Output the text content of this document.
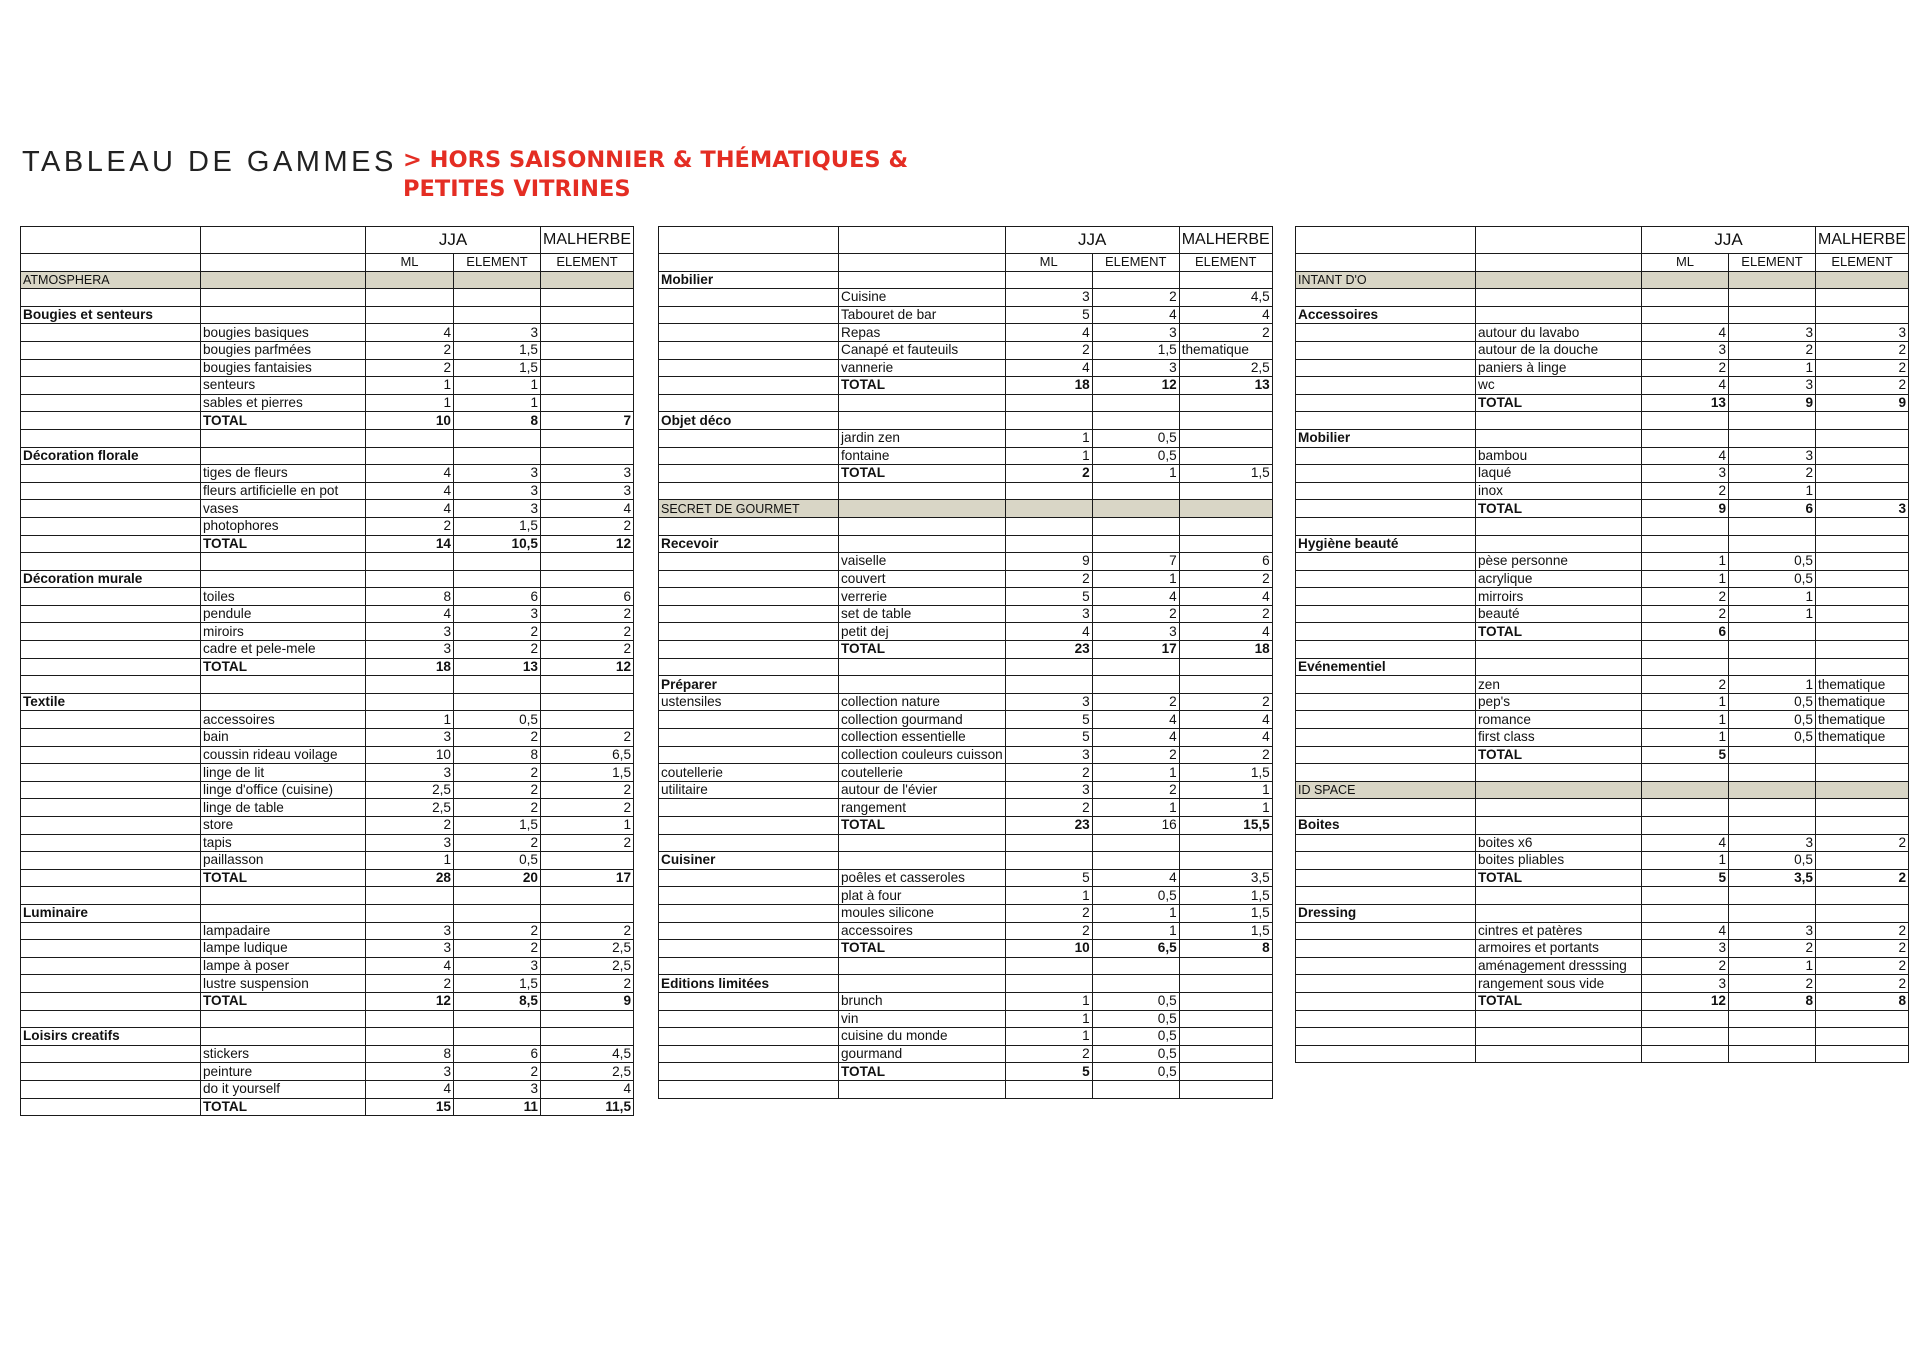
TABLEAU DE GAMMES > HORS SAISONNIER & THÉMATIQUES &
PETITES VITRINES
		JJA		MALHERBE
		ML	ELEMENT	ELEMENT
ATMOSPHERA				

Bougies et senteurs				
	bougies basiques	4	3	
	bougies parfmées	2	1,5	
	bougies fantaisies	2	1,5	
	senteurs	1	1	
	sables et pierres	1	1	
	TOTAL	10	8	7

Décoration florale				
	tiges de fleurs	4	3	3
	fleurs artificielle en pot	4	3	3
	vases	4	3	4
	photophores	2	1,5	2
	TOTAL	14	10,5	12

Décoration murale				
	toiles	8	6	6
	pendule	4	3	2
	miroirs	3	2	2
	cadre et pele-mele	3	2	2
	TOTAL	18	13	12

Textile				
	accessoires	1	0,5	
	bain	3	2	2
	coussin rideau voilage	10	8	6,5
	linge de lit	3	2	1,5
	linge d'office (cuisine)	2,5	2	2
	linge de table	2,5	2	2
	store	2	1,5	1
	tapis	3	2	2
	paillasson	1	0,5	
	TOTAL	28	20	17

Luminaire				
	lampadaire	3	2	2
	lampe ludique	3	2	2,5
	lampe à poser	4	3	2,5
	lustre suspension	2	1,5	2
	TOTAL	12	8,5	9

Loisirs creatifs				
	stickers	8	6	4,5
	peinture	3	2	2,5
	do it yourself	4	3	4
	TOTAL	15	11	11,5
		JJA		MALHERBE
		ML	ELEMENT	ELEMENT
Mobilier				
	Cuisine	3	2	4,5
	Tabouret de bar	5	4	4
	Repas	4	3	2
	Canapé et fauteuils	2	1,5	thematique
	vannerie	4	3	2,5
	TOTAL	18	12	13

Objet déco				
	jardin zen	1	0,5	
	fontaine	1	0,5	
	TOTAL	2	1	1,5

SECRET DE GOURMET				

Recevoir				
	vaiselle	9	7	6
	couvert	2	1	2
	verrerie	5	4	4
	set de table	3	2	2
	petit dej	4	3	4
	TOTAL	23	17	18

Préparer				
ustensiles	collection nature	3	2	2
	collection gourmand	5	4	4
	collection essentielle	5	4	4
	collection couleurs cuisson	3	2	2
coutellerie	coutellerie	2	1	1,5
utilitaire	autour de l'évier	3	2	1
	rangement	2	1	1
	TOTAL	23	16	15,5

Cuisiner				
	poêles et casseroles	5	4	3,5
	plat à four	1	0,5	1,5
	moules silicone	2	1	1,5
	accessoires	2	1	1,5
	TOTAL	10	6,5	8

Editions limitées				
	brunch	1	0,5	
	vin	1	0,5	
	cuisine du monde	1	0,5	
	gourmand	2	0,5	
	TOTAL	5	0,5	

		JJA		MALHERBE
		ML	ELEMENT	ELEMENT
INTANT D'O				

Accessoires				
	autour du lavabo	4	3	3
	autour de la douche	3	2	2
	paniers à linge	2	1	2
	wc	4	3	2
	TOTAL	13	9	9

Mobilier				
	bambou	4	3	
	laqué	3	2	
	inox	2	1	
	TOTAL	9	6	3

Hygiène beauté				
	pèse personne	1	0,5	
	acrylique	1	0,5	
	mirroirs	2	1	
	beauté	2	1	
	TOTAL	6		

Evénementiel				
	zen	2	1	thematique
	pep's	1	0,5	thematique
	romance	1	0,5	thematique
	first class	1	0,5	thematique
	TOTAL	5		

ID SPACE				

Boites				
	boites x6	4	3	2
	boites pliables	1	0,5	
	TOTAL	5	3,5	2

Dressing				
	cintres et patères	4	3	2
	armoires et portants	3	2	2
	aménagement dresssing	2	1	2
	rangement sous vide	3	2	2
	TOTAL	12	8	8
